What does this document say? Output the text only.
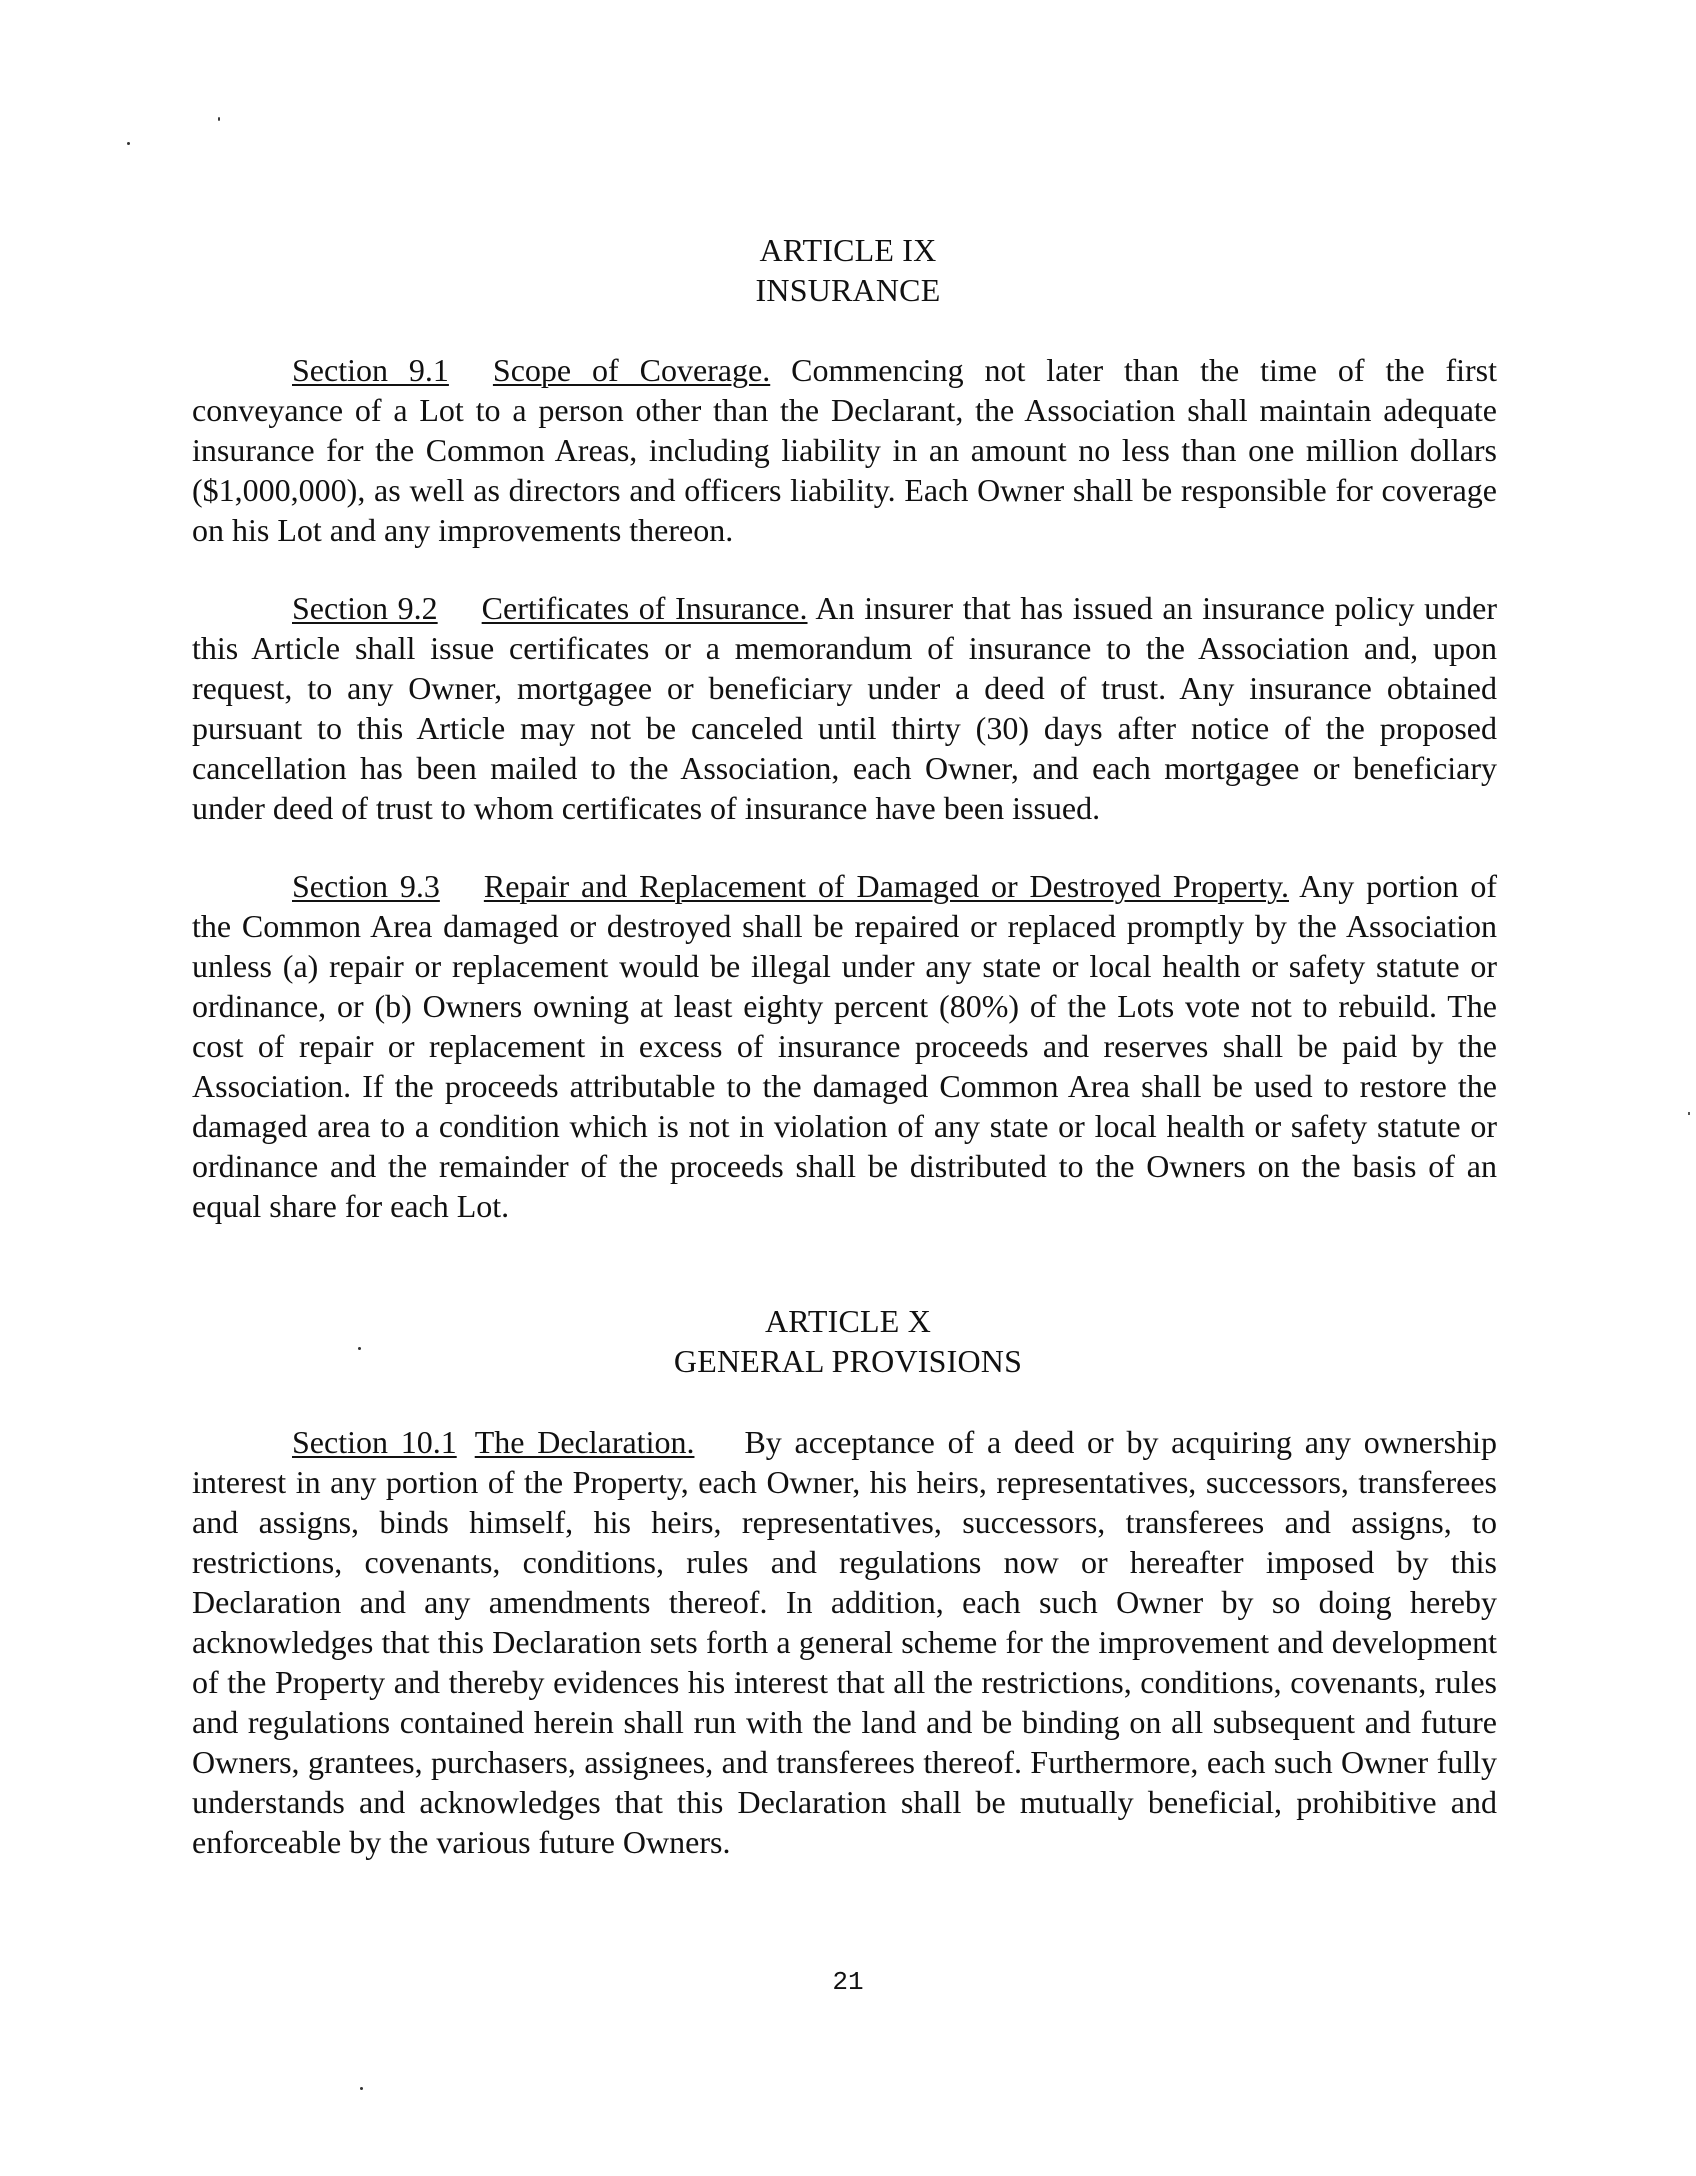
ARTICLE IX
INSURANCE

Section 9.1 Scope of Coverage. Commencing not later than the time of the first conveyance of a Lot to a person other than the Declarant, the Association shall maintain adequate insurance for the Common Areas, including liability in an amount no less than one million dollars ($1,000,000), as well as directors and officers liability. Each Owner shall be responsible for coverage on his Lot and any improvements thereon.

Section 9.2 Certificates of Insurance. An insurer that has issued an insurance policy under this Article shall issue certificates or a memorandum of insurance to the Association and, upon request, to any Owner, mortgagee or beneficiary under a deed of trust. Any insurance obtained pursuant to this Article may not be canceled until thirty (30) days after notice of the proposed cancellation has been mailed to the Association, each Owner, and each mortgagee or beneficiary under deed of trust to whom certificates of insurance have been issued.

Section 9.3 Repair and Replacement of Damaged or Destroyed Property. Any portion of the Common Area damaged or destroyed shall be repaired or replaced promptly by the Association unless (a) repair or replacement would be illegal under any state or local health or safety statute or ordinance, or (b) Owners owning at least eighty percent (80%) of the Lots vote not to rebuild. The cost of repair or replacement in excess of insurance proceeds and reserves shall be paid by the Association. If the proceeds attributable to the damaged Common Area shall be used to restore the damaged area to a condition which is not in violation of any state or local health or safety statute or ordinance and the remainder of the proceeds shall be distributed to the Owners on the basis of an equal share for each Lot.

ARTICLE X
GENERAL PROVISIONS

Section 10.1 The Declaration. By acceptance of a deed or by acquiring any ownership interest in any portion of the Property, each Owner, his heirs, representatives, successors, transferees and assigns, binds himself, his heirs, representatives, successors, transferees and assigns, to restrictions, covenants, conditions, rules and regulations now or hereafter imposed by this Declaration and any amendments thereof. In addition, each such Owner by so doing hereby acknowledges that this Declaration sets forth a general scheme for the improvement and development of the Property and thereby evidences his interest that all the restrictions, conditions, covenants, rules and regulations contained herein shall run with the land and be binding on all subsequent and future Owners, grantees, purchasers, assignees, and transferees thereof. Furthermore, each such Owner fully understands and acknowledges that this Declaration shall be mutually beneficial, prohibitive and enforceable by the various future Owners.

21
